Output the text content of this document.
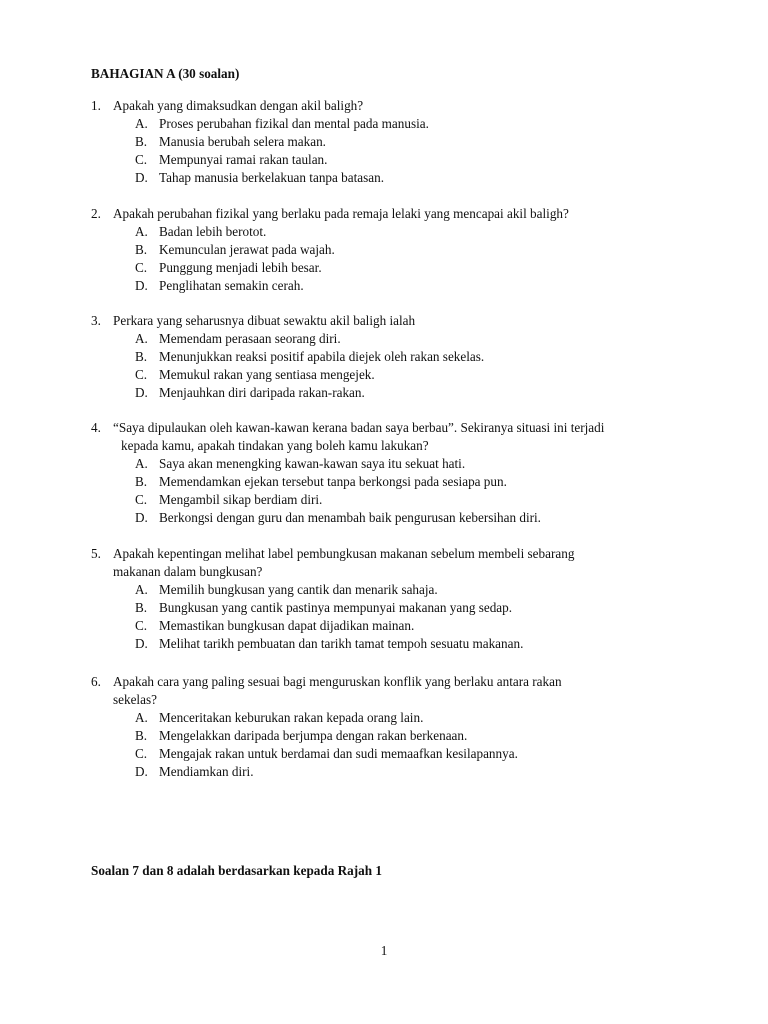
BAHAGIAN A (30 soalan)
1. Apakah yang dimaksudkan dengan akil baligh?
A. Proses perubahan fizikal dan mental pada manusia.
B. Manusia berubah selera makan.
C. Mempunyai ramai rakan taulan.
D. Tahap manusia berkelakuan tanpa batasan.
2. Apakah perubahan fizikal yang berlaku pada remaja lelaki yang mencapai akil baligh?
A. Badan lebih berotot.
B. Kemunculan jerawat pada wajah.
C. Punggung menjadi lebih besar.
D. Penglihatan semakin cerah.
3. Perkara yang seharusnya dibuat sewaktu akil baligh ialah
A. Memendam perasaan seorang diri.
B. Menunjukkan reaksi positif apabila diejek oleh rakan sekelas.
C. Memukul rakan yang sentiasa mengejek.
D. Menjauhkan diri daripada rakan-rakan.
4. “Saya dipulaukan oleh kawan-kawan kerana badan saya berbau”. Sekiranya situasi ini terjadi
kepada kamu, apakah tindakan yang boleh kamu lakukan?
A. Saya akan menengking kawan-kawan saya itu sekuat hati.
B. Memendamkan ejekan tersebut tanpa berkongsi pada sesiapa pun.
C. Mengambil sikap berdiam diri.
D. Berkongsi dengan guru dan menambah baik pengurusan kebersihan diri.
5. Apakah kepentingan melihat label pembungkusan makanan sebelum membeli sebarang
makanan dalam bungkusan?
A. Memilih bungkusan yang cantik dan menarik sahaja.
B. Bungkusan yang cantik pastinya mempunyai makanan yang sedap.
C. Memastikan bungkusan dapat dijadikan mainan.
D. Melihat tarikh pembuatan dan tarikh tamat tempoh sesuatu makanan.
6. Apakah cara yang paling sesuai bagi menguruskan konflik yang berlaku antara rakan
sekelas?
A. Menceritakan keburukan rakan kepada orang lain.
B. Mengelakkan daripada berjumpa dengan rakan berkenaan.
C. Mengajak rakan untuk berdamai dan sudi memaafkan kesilapannya.
D. Mendiamkan diri.

Soalan 7 dan 8 adalah berdasarkan kepada Rajah 1

1
